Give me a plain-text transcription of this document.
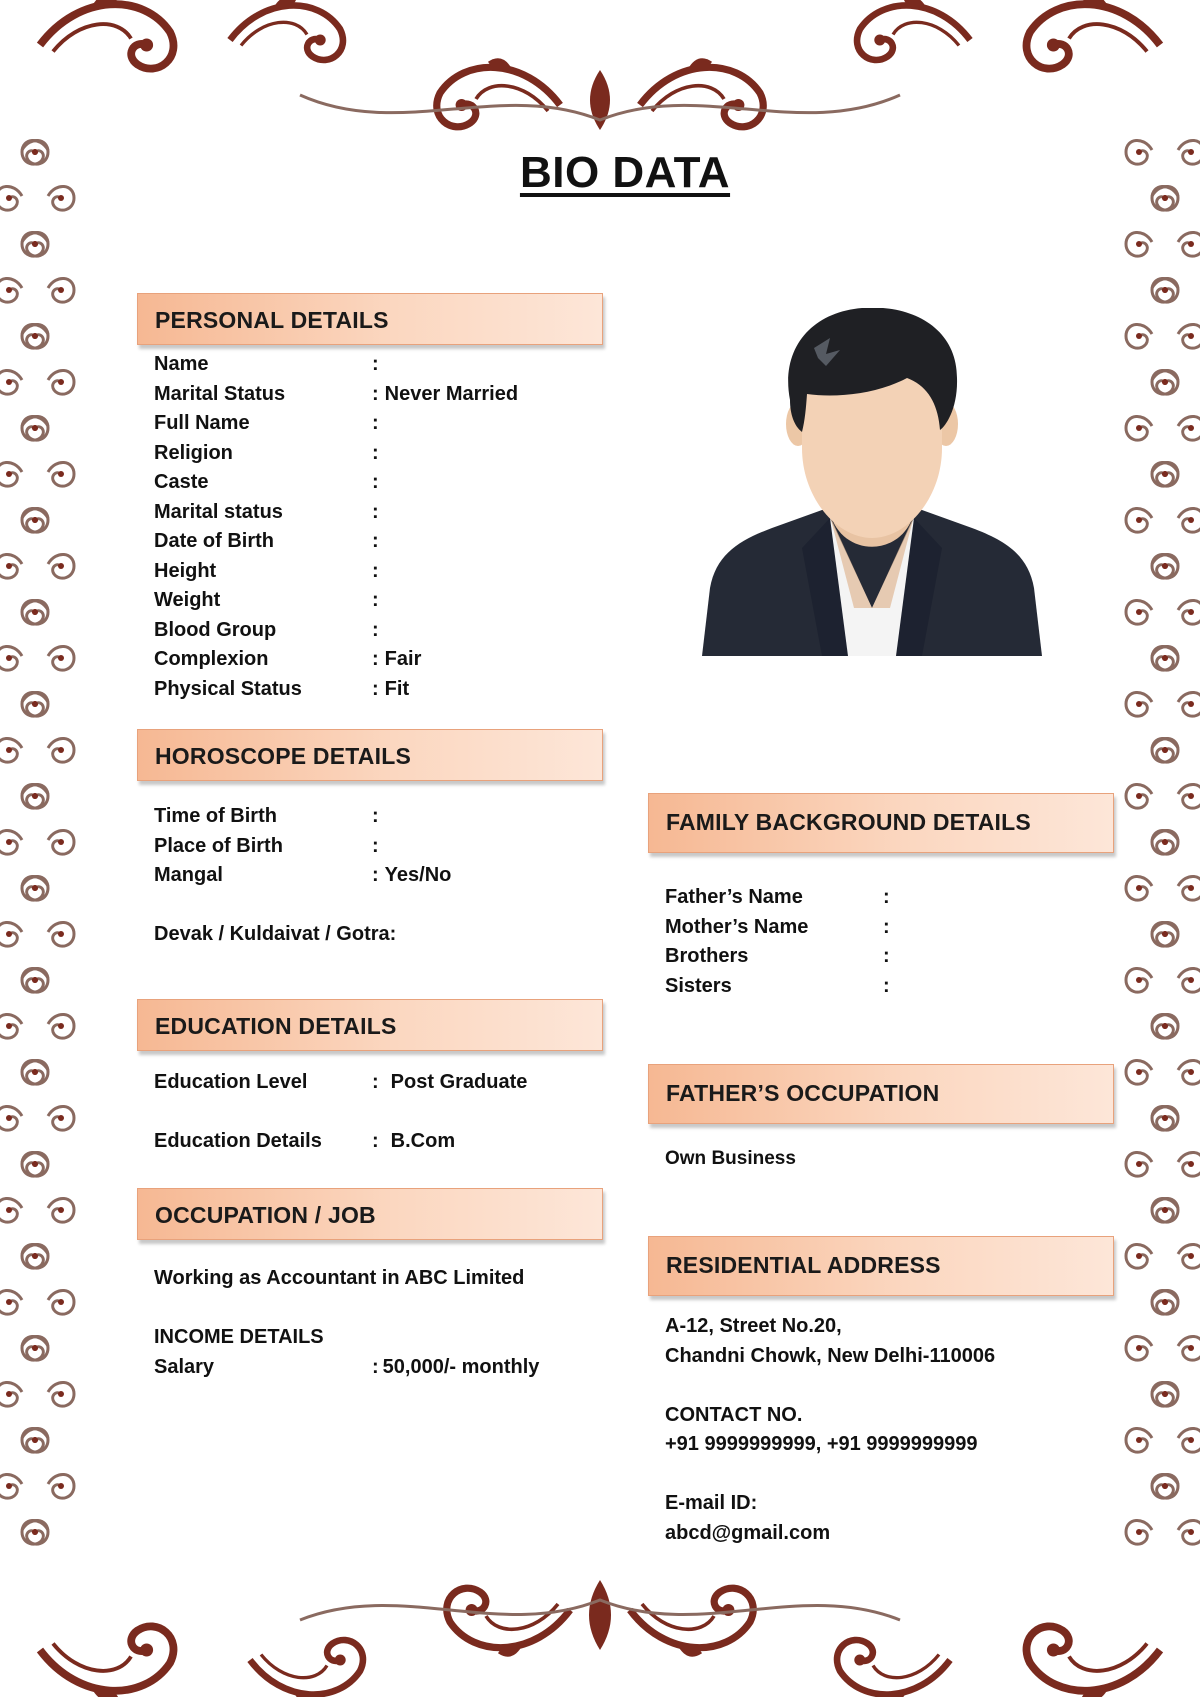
BIO DATA
PERSONAL DETAILS
Name	:
Marital Status	: Never Married
Full Name	:
Religion	:
Caste	:
Marital status	:
Date of Birth	:
Height	:
Weight	:
Blood Group	:
Complexion	: Fair
Physical Status	: Fit
HOROSCOPE DETAILS
Time of Birth	:
Place of Birth	:
Mangal	: Yes/No
Devak / Kuldaivat / Gotra:
EDUCATION DETAILS
Education Level	: Post Graduate
Education Details	: B.Com
OCCUPATION / JOB
Working as Accountant in ABC Limited
INCOME DETAILS
Salary	: 50,000/- monthly
FAMILY BACKGROUND DETAILS
Father’s Name	:
Mother’s Name	:
Brothers	:
Sisters	:
FATHER’S OCCUPATION
Own Business
RESIDENTIAL ADDRESS
A-12, Street No.20,
Chandni Chowk, New Delhi-110006
CONTACT NO.
+91 9999999999, +91 9999999999
E-mail ID:
abcd@gmail.com
